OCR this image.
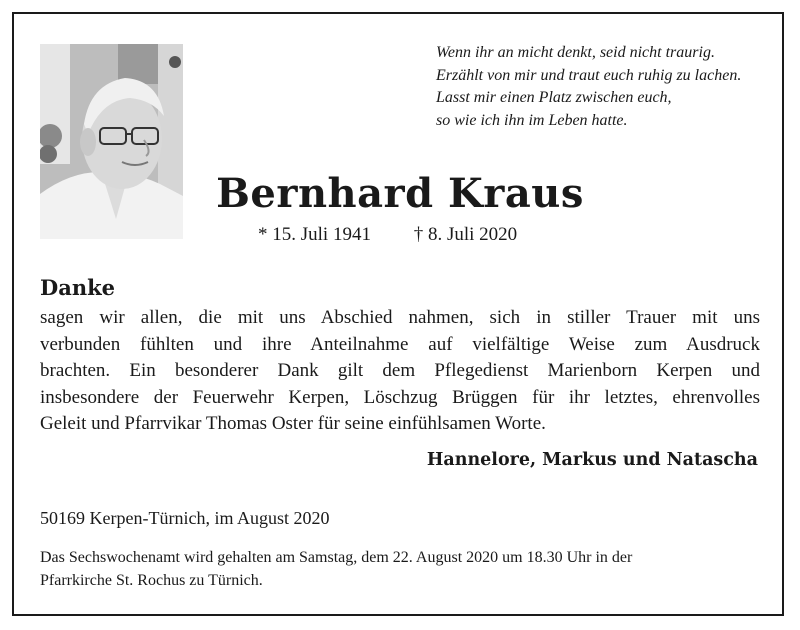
Wenn ihr an micht denkt, seid nicht traurig.
Erzählt von mir und traut euch ruhig zu lachen.
Lasst mir einen Platz zwischen euch,
so wie ich ihn im Leben hatte.
Bernhard Kraus
* 15. Juli 1941 † 8. Juli 2020
Danke
sagen wir allen, die mit uns Abschied nahmen, sich in stiller Trauer mit uns
verbunden fühlten und ihre Anteilnahme auf vielfältige Weise zum Ausdruck
brachten. Ein besonderer Dank gilt dem Pflegedienst Marienborn Kerpen und
insbesondere der Feuerwehr Kerpen, Löschzug Brüggen für ihr letztes, ehrenvolles
Geleit und Pfarrvikar Thomas Oster für seine einfühlsamen Worte.
Hannelore, Markus und Natascha
50169 Kerpen-Türnich, im August 2020
Das Sechswochenamt wird gehalten am Samstag, dem 22. August 2020 um 18.30 Uhr in der
Pfarrkirche St. Rochus zu Türnich.
